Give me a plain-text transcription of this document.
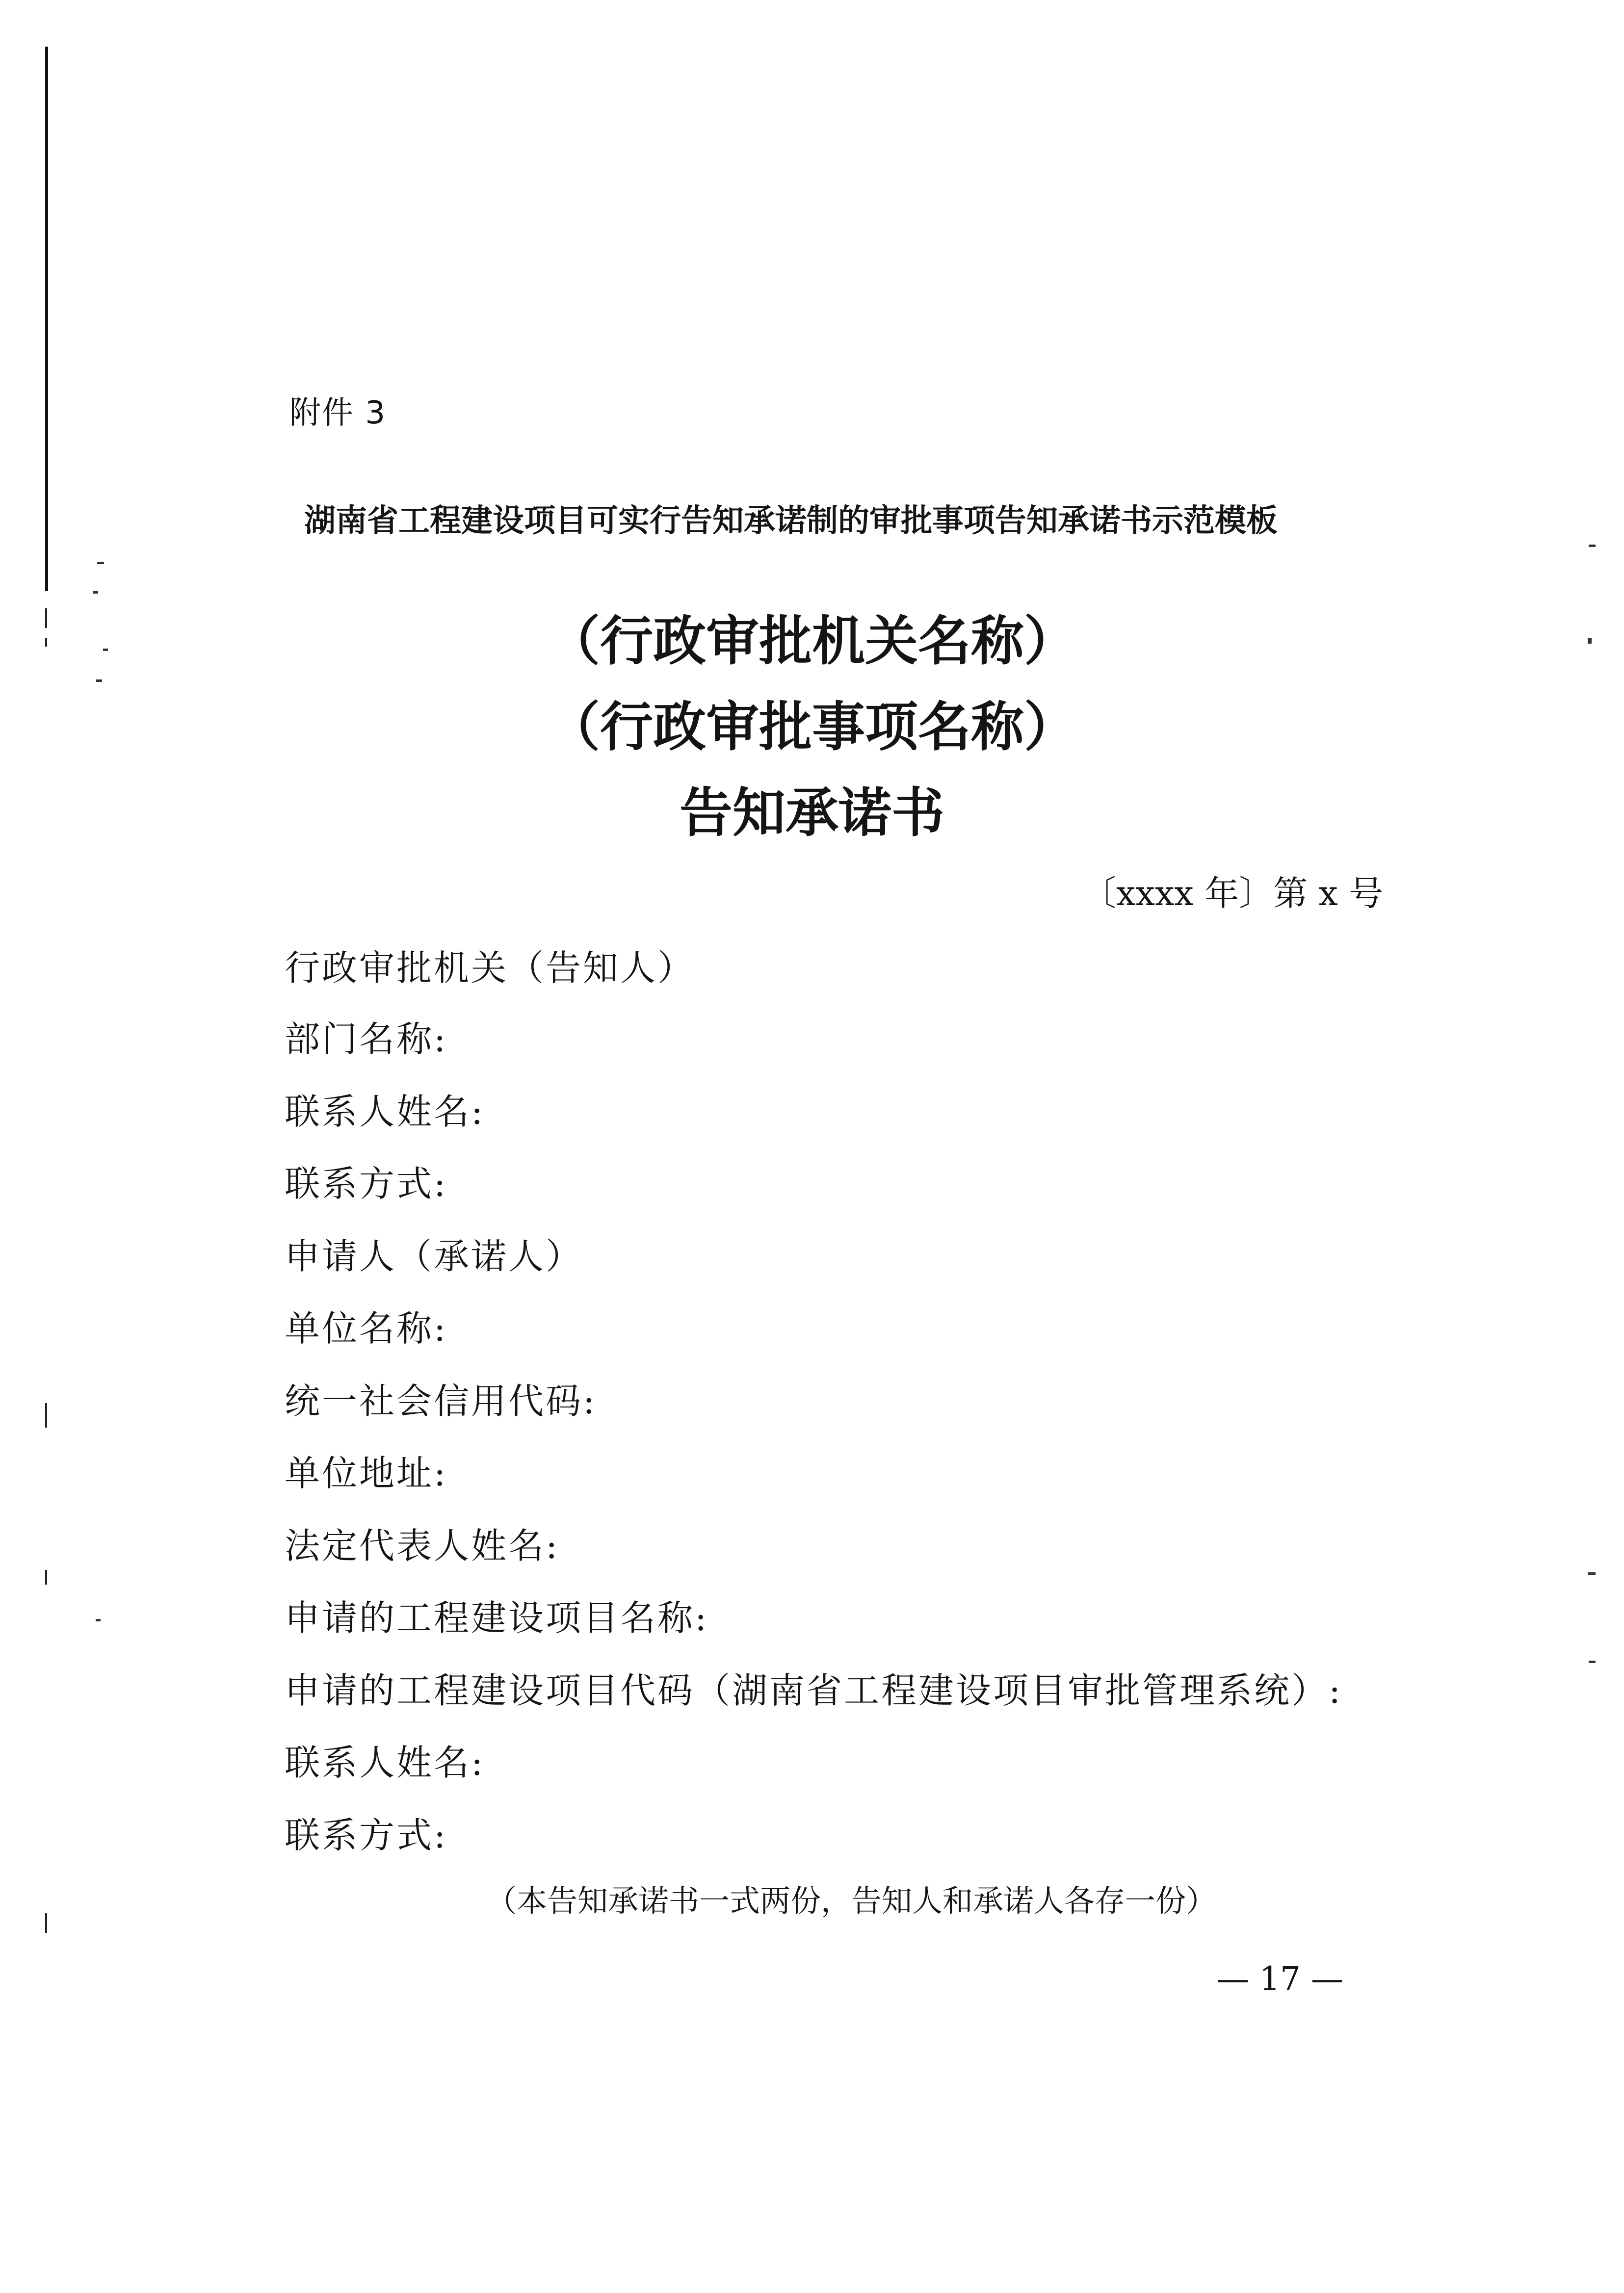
附件 3
湖南省工程建设项目可实行告知承诺制的审批事项告知承诺书示范模板
（行政审批机关名称）
（行政审批事项名称）
告知承诺书
〔xxxx 年〕第 x 号
行政审批机关（告知人）
部门名称:
联系人姓名:
联系方式:
申请人（承诺人）
单位名称:
统一社会信用代码:
单位地址:
法定代表人姓名:
申请的工程建设项目名称:
申请的工程建设项目代码（湖南省工程建设项目审批管理系统）:
联系人姓名:
联系方式:
（本告知承诺书一式两份，告知人和承诺人各存一份）
— 17 —
